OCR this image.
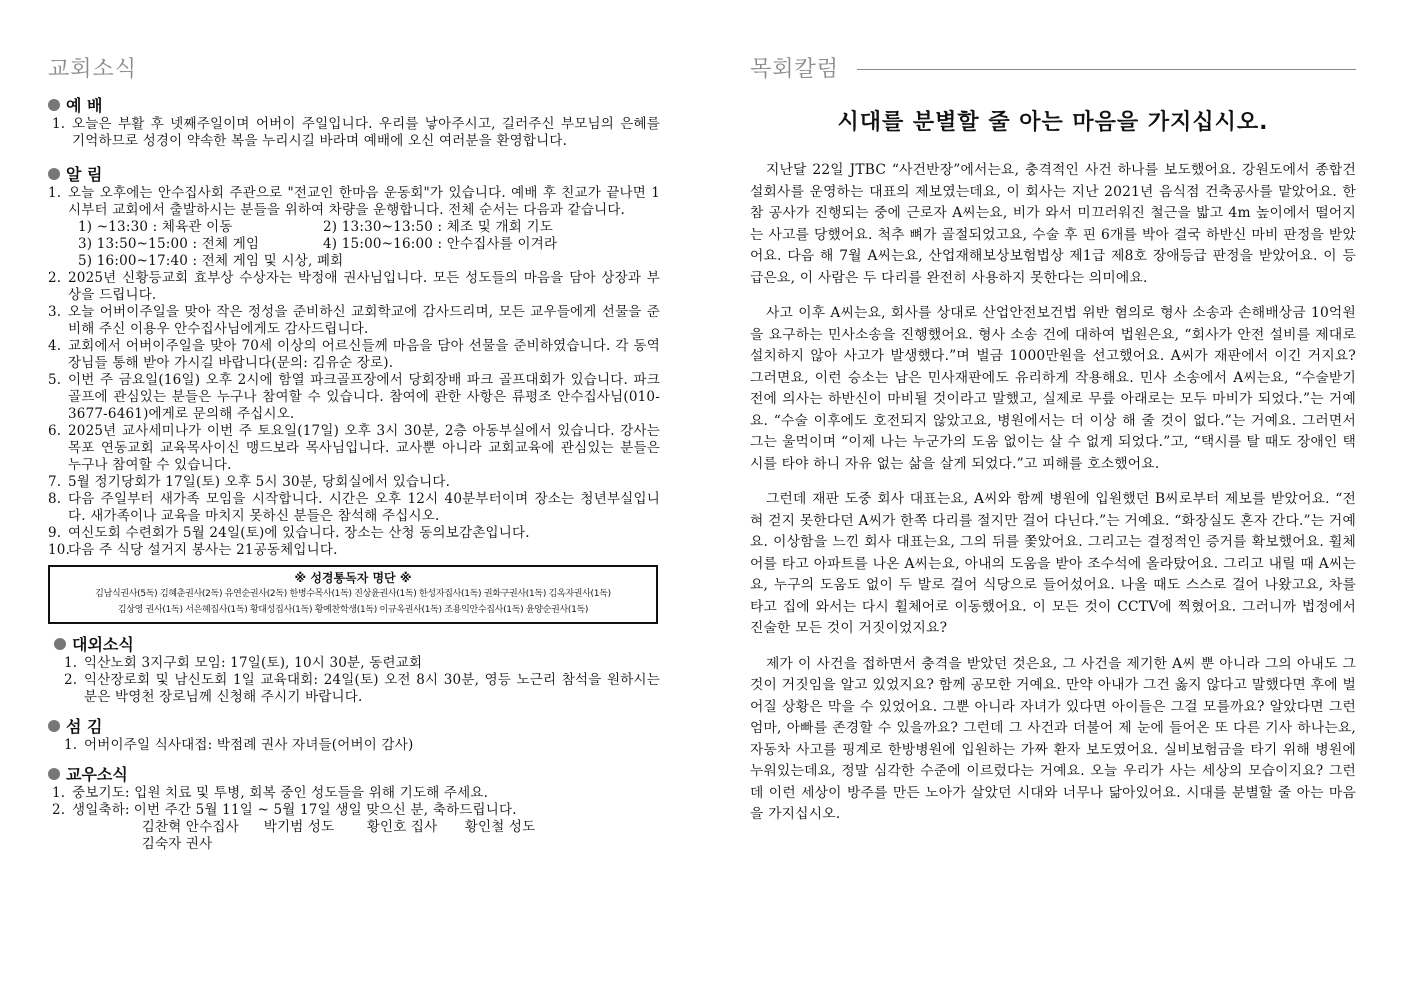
교회소식
예 배
1. 오늘은 부활 후 넷째주일이며 어버이 주일입니다. 우리를 낳아주시고, 길러주신 부모님의 은혜를 기억하므로 성경이 약속한 복을 누리시길 바라며 예배에 오신 여러분을 환영합니다.
알 림
1. 오늘 오후에는 안수집사회 주관으로 "전교인 한마음 운동회"가 있습니다. 예배 후 친교가 끝나면 1시부터 교회에서 출발하시는 분들을 위하여 차량을 운행합니다. 전체 순서는 다음과 같습니다.
1) ~13:30 : 체육관 이동	2) 13:30~13:50 : 체조 및 개회 기도
3) 13:50~15:00 : 전체 게임	4) 15:00~16:00 : 안수집사를 이겨라
5) 16:00~17:40 : 전체 게임 및 시상, 폐회
2. 2025년 신황등교회 효부상 수상자는 박정애 권사님입니다. 모든 성도들의 마음을 담아 상장과 부상을 드립니다.
3. 오늘 어버이주일을 맞아 작은 정성을 준비하신 교회학교에 감사드리며, 모든 교우들에게 선물을 준비해 주신 이용우 안수집사님에게도 감사드립니다.
4. 교회에서 어버이주일을 맞아 70세 이상의 어르신들께 마음을 담아 선물을 준비하였습니다. 각 동역장님들 통해 받아 가시길 바랍니다(문의: 김유순 장로).
5. 이번 주 금요일(16일) 오후 2시에 함열 파크골프장에서 당회장배 파크 골프대회가 있습니다. 파크골프에 관심있는 분들은 누구나 참여할 수 있습니다. 참여에 관한 사항은 류평조 안수집사님(010-3677-6461)에게로 문의해 주십시오.
6. 2025년 교사세미나가 이번 주 토요일(17일) 오후 3시 30분, 2층 아동부실에서 있습니다. 강사는 목포 연동교회 교육목사이신 맹드보라 목사님입니다. 교사뿐 아니라 교회교육에 관심있는 분들은 누구나 참여할 수 있습니다.
7. 5월 정기당회가 17일(토) 오후 5시 30분, 당회실에서 있습니다.
8. 다음 주일부터 새가족 모임을 시작합니다. 시간은 오후 12시 40분부터이며 장소는 청년부실입니다. 새가족이나 교육을 마치지 못하신 분들은 참석해 주십시오.
9. 여신도회 수련회가 5월 24일(토)에 있습니다. 장소는 산청 동의보감촌입니다.
10.
다음 주 식당 설거지 봉사는 21공동체입니다.
※ 성경통독자 명단 ※
김남식권사(5독) 김혜춘권사(2독) 유연순권사(2독) 한병수목사(1독) 진상윤권사(1독) 한성자집사(1독) 권화구권사(1독) 김옥자권사(1독)
김상영 권사(1독) 서은혜집사(1독) 황대성집사(1독) 황예찬학생(1독) 이규옥권사(1독) 조용익안수집사(1독) 윤양순권사(1독)
대외소식
1. 익산노회 3지구회 모임: 17일(토), 10시 30분, 동련교회
2. 익산장로회 및 남신도회 1일 교육대회: 24일(토) 오전 8시 30분, 영등 노근리 참석을 원하시는 분은 박영천 장로님께 신청해 주시기 바랍니다.
섬 김
1. 어버이주일 식사대접: 박점례 권사 자녀들(어버이 감사)
교우소식
1. 중보기도: 입원 치료 및 투병, 회복 중인 성도들을 위해 기도해 주세요.
2. 생일축하: 이번 주간 5월 11일 ~ 5월 17일 생일 맞으신 분, 축하드립니다.
김찬혁 안수집사	박기범 성도	황인호 집사	황인철 성도
김숙자 권사
목회칼럼
시대를 분별할 줄 아는 마음을 가지십시오.

지난달 22일 JTBC “사건반장”에서는요, 충격적인 사건 하나를 보도했어요. 강원도에서 종합건설회사를 운영하는 대표의 제보였는데요, 이 회사는 지난 2021년 음식점 건축공사를 맡았어요. 한 참 공사가 진행되는 중에 근로자 A씨는요, 비가 와서 미끄러워진 철근을 밟고 4m 높이에서 떨어지는 사고를 당했어요. 척추 뼈가 골절되었고요, 수술 후 핀 6개를 박아 결국 하반신 마비 판정을 받았어요. 다음 해 7월 A씨는요, 산업재해보상보험법상 제1급 제8호 장애등급 판정을 받았어요. 이 등급은요, 이 사람은 두 다리를 완전히 사용하지 못한다는 의미에요.

사고 이후 A씨는요, 회사를 상대로 산업안전보건법 위반 혐의로 형사 소송과 손해배상금 10억원을 요구하는 민사소송을 진행했어요. 형사 소송 건에 대하여 법원은요, “회사가 안전 설비를 제대로 설치하지 않아 사고가 발생했다.”며 벌금 1000만원을 선고했어요. A씨가 재판에서 이긴 거지요? 그러면요, 이런 승소는 남은 민사재판에도 유리하게 작용해요. 민사 소송에서 A씨는요, “수술받기 전에 의사는 하반신이 마비될 것이라고 말했고, 실제로 무릎 아래로는 모두 마비가 되었다.”는 거예요. “수술 이후에도 호전되지 않았고요, 병원에서는 더 이상 해 줄 것이 없다.”는 거예요. 그러면서 그는 울먹이며 “이제 나는 누군가의 도움 없이는 살 수 없게 되었다.”고, “택시를 탈 때도 장애인 택시를 타야 하니 자유 없는 삶을 살게 되었다.”고 피해를 호소했어요.

그런데 재판 도중 회사 대표는요, A씨와 함께 병원에 입원했던 B씨로부터 제보를 받았어요. “전혀 걷지 못한다던 A씨가 한쪽 다리를 절지만 걸어 다닌다.”는 거예요. “화장실도 혼자 간다.”는 거예요. 이상함을 느낀 회사 대표는요, 그의 뒤를 쫓았어요. 그리고는 결정적인 증거를 확보했어요. 휠체어를 타고 아파트를 나온 A씨는요, 아내의 도움을 받아 조수석에 올라탔어요. 그리고 내릴 때 A씨는요, 누구의 도움도 없이 두 발로 걸어 식당으로 들어섰어요. 나올 때도 스스로 걸어 나왔고요, 차를 타고 집에 와서는 다시 휠체어로 이동했어요. 이 모든 것이 CCTV에 찍혔어요. 그러니까 법정에서 진술한 모든 것이 거짓이었지요?

제가 이 사건을 접하면서 충격을 받았던 것은요, 그 사건을 제기한 A씨 뿐 아니라 그의 아내도 그것이 거짓임을 알고 있었지요? 함께 공모한 거예요. 만약 아내가 그건 옳지 않다고 말했다면 후에 벌어질 상황은 막을 수 있었어요. 그뿐 아니라 자녀가 있다면 아이들은 그걸 모를까요? 알았다면 그런 엄마, 아빠를 존경할 수 있을까요? 그런데 그 사건과 더불어 제 눈에 들어온 또 다른 기사 하나는요, 자동차 사고를 핑계로 한방병원에 입원하는 가짜 환자 보도였어요. 실비보험금을 타기 위해 병원에 누워있는데요, 정말 심각한 수준에 이르렀다는 거예요. 오늘 우리가 사는 세상의 모습이지요? 그런데 이런 세상이 방주를 만든 노아가 살았던 시대와 너무나 닮아있어요. 시대를 분별할 줄 아는 마음을 가지십시오.
